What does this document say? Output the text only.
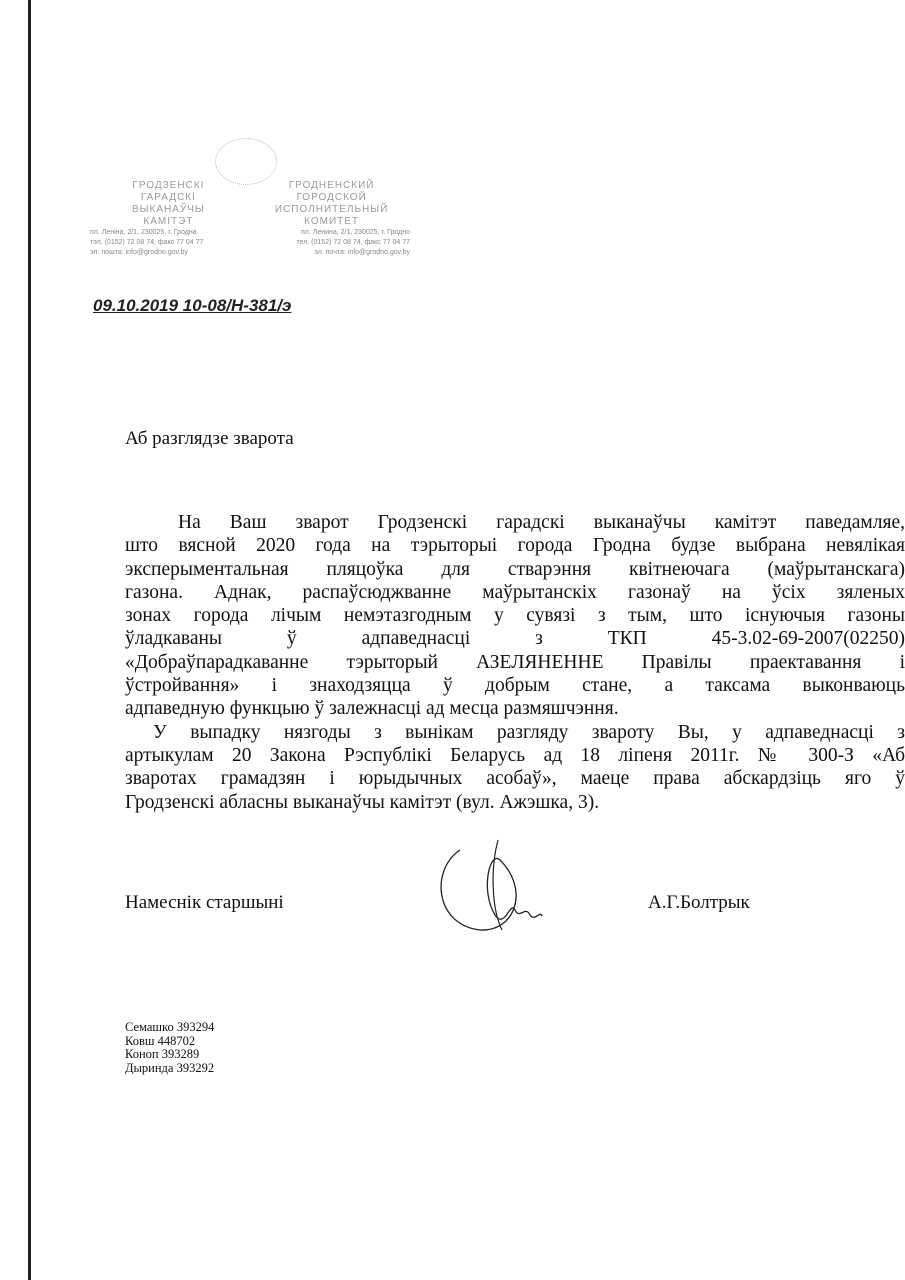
ГРОДЗЕНСКІ
ГАРАДСКІ
ВЫКАНАЎЧЫ
КАМІТЭТ
ГРОДНЕНСКИЙ
ГОРОДСКОЙ
ИСПОЛНИТЕЛЬНЫЙ
КОМИТЕТ
пл. Леніна, 2/1, 230025, г. Гродна	пл. Ленина, 2/1, 230025, г. Гродно
тэл. (0152) 72 08 74, факс 77 04 77	тел. (0152) 72 08 74, факс 77 04 77
эл. пошта: info@grodno.gov.by	эл. почта: info@grodno.gov.by
09.10.2019 10-08/Н-381/э
Аб разглядзе зварота
На Ваш зварот Гродзенскі гарадскі выканаўчы камітэт паведамляе,
што вясной 2020 года на тэрыторыі города Гродна будзе выбрана невялікая
эксперыментальная пляцоўка для стварэння квітнеючага (маўрытанскага)
газона. Аднак, распаўсюджванне маўрытанскіх газонаў на ўсіх зяленых
зонах города лічым немэтазгодным у сувязі з тым, што існуючыя газоны
ўладкаваны ў адпаведнасці з ТКП 45-3.02-69-2007(02250)
«Добраўпарадкаванне тэрыторый АЗЕЛЯНЕННЕ Правілы праектавання і
ўстройвання» і знаходзяцца ў добрым стане, а таксама выконваюць
адпаведную функцыю ў залежнасці ад месца размяшчэння.
У выпадку нязгоды з вынікам разгляду звароту Вы, у адпаведнасці з
артыкулам 20 Закона Рэспублікі Беларусь ад 18 ліпеня 2011г. № 300-З «Аб
зваротах грамадзян і юрыдычных асобаў», маеце права абскардзіць яго ў
Гродзенскі абласны выканаўчы камітэт (вул. Ажэшка, 3).
Намеснік старшыні	А.Г.Болтрык
Семашко 393294
Ковш 448702
Коноп 393289
Дыринда 393292
